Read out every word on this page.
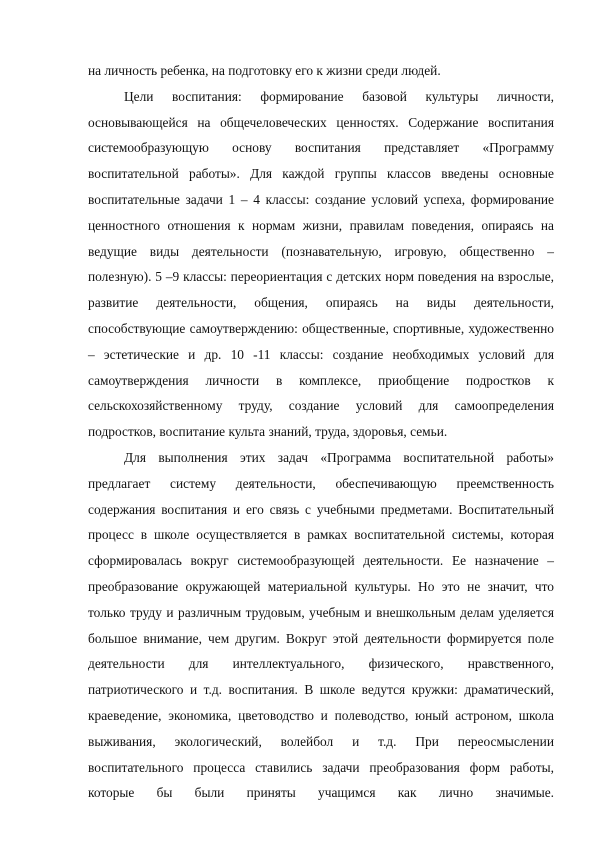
на личность ребенка, на подготовку его к жизни среди людей.

Цели воспитания: формирование базовой культуры личности, основывающейся на общечеловеческих ценностях. Содержание воспитания системообразующую основу воспитания представляет «Программу воспитательной работы». Для каждой группы классов введены основные воспитательные задачи 1 – 4 классы: создание условий успеха, формирование ценностного отношения к нормам жизни, правилам поведения, опираясь на ведущие виды деятельности (познавательную, игровую, общественно – полезную). 5 –9 классы: переориентация с детских норм поведения на взрослые, развитие деятельности, общения, опираясь на виды деятельности, способствующие самоутверждению: общественные, спортивные, художественно – эстетические и др. 10 -11 классы: создание необходимых условий для самоутверждения личности в комплексе, приобщение подростков к сельскохозяйственному труду, создание условий для самоопределения подростков, воспитание культа знаний, труда, здоровья, семьи.

Для выполнения этих задач «Программа воспитательной работы» предлагает систему деятельности, обеспечивающую преемственность содержания воспитания и его связь с учебными предметами. Воспитательный процесс в школе осуществляется в рамках воспитательной системы, которая сформировалась вокруг системообразующей деятельности. Ее назначение – преобразование окружающей материальной культуры. Но это не значит, что только труду и различным трудовым, учебным и внешкольным делам уделяется большое внимание, чем другим. Вокруг этой деятельности формируется поле деятельности для интеллектуального, физического, нравственного, патриотического и т.д. воспитания. В школе ведутся кружки: драматический, краеведение, экономика, цветоводство и полеводство, юный астроном, школа выживания, экологический, волейбол и т.д. При переосмыслении воспитательного процесса ставились задачи преобразования форм работы, которые бы были приняты учащимся как лично значимые.
